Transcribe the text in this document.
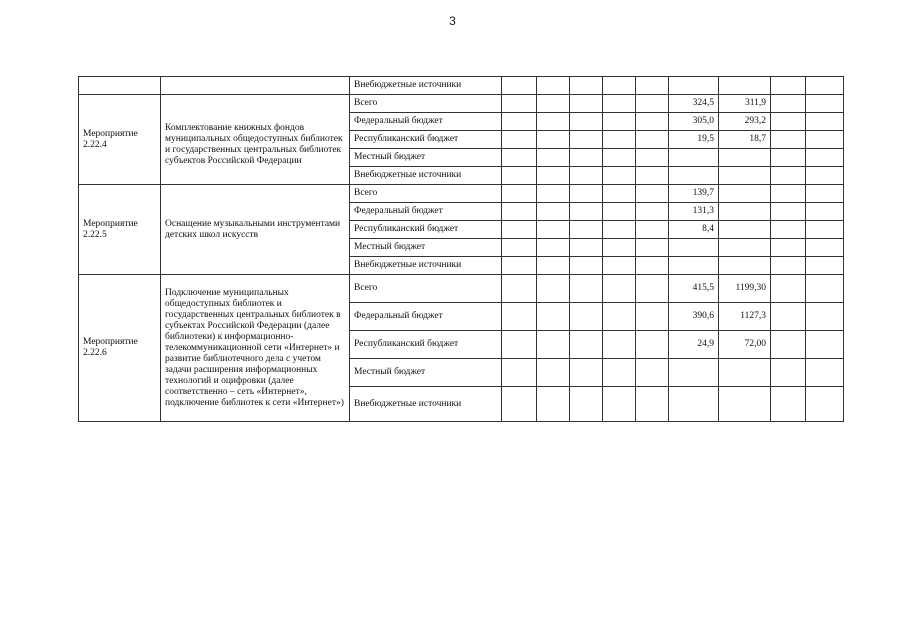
3
		Внебюджетные источники									
Мероприятие 2.22.4	Комплектование книжных фондов муниципальных общедоступных библиотек и государственных центральных библиотек субъектов Российской Федерации	Всего						324,5	311,9		
		Федеральный бюджет						305,0	293,2		
		Республиканский бюджет						19,5	18,7		
		Местный бюджет									
		Внебюджетные источники									
Мероприятие 2.22.5	Оснащение музыкальными инструментами детских школ искусств	Всего						139,7			
		Федеральный бюджет						131,3			
		Республиканский бюджет						8,4			
		Местный бюджет									
		Внебюджетные источники									
Мероприятие 2.22.6	Подключение муниципальных общедоступных библиотек и государственных центральных библиотек в субъектах Российской Федерации (далее библиотеки) к информационно-телекоммуникационной сети «Интернет» и развитие библиотечного дела с учетом задачи расширения информационных технологий и оцифровки (далее соответственно – сеть «Интернет», подключение библиотек к сети «Интернет»)	Всего						415,5	1199,30		
		Федеральный бюджет						390,6	1127,3		
		Республиканский бюджет						24,9	72,00		
		Местный бюджет									
		Внебюджетные источники									
